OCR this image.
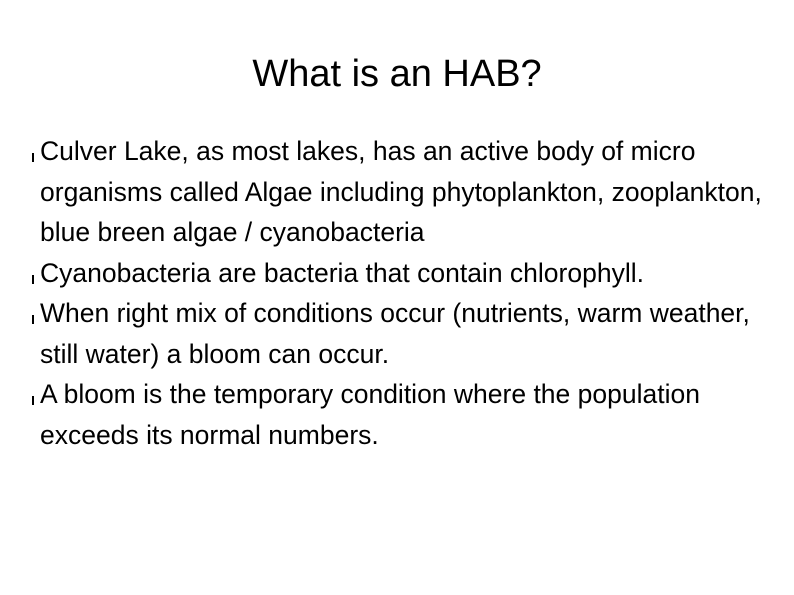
What is an HAB?
Culver Lake, as most lakes, has an active body of micro organisms called Algae including phytoplankton, zooplankton, blue breen algae / cyanobacteria
Cyanobacteria are bacteria that contain chlorophyll.
When right mix of conditions occur (nutrients, warm weather, still water) a bloom can occur.
A bloom is the temporary condition where the population exceeds its normal numbers.
